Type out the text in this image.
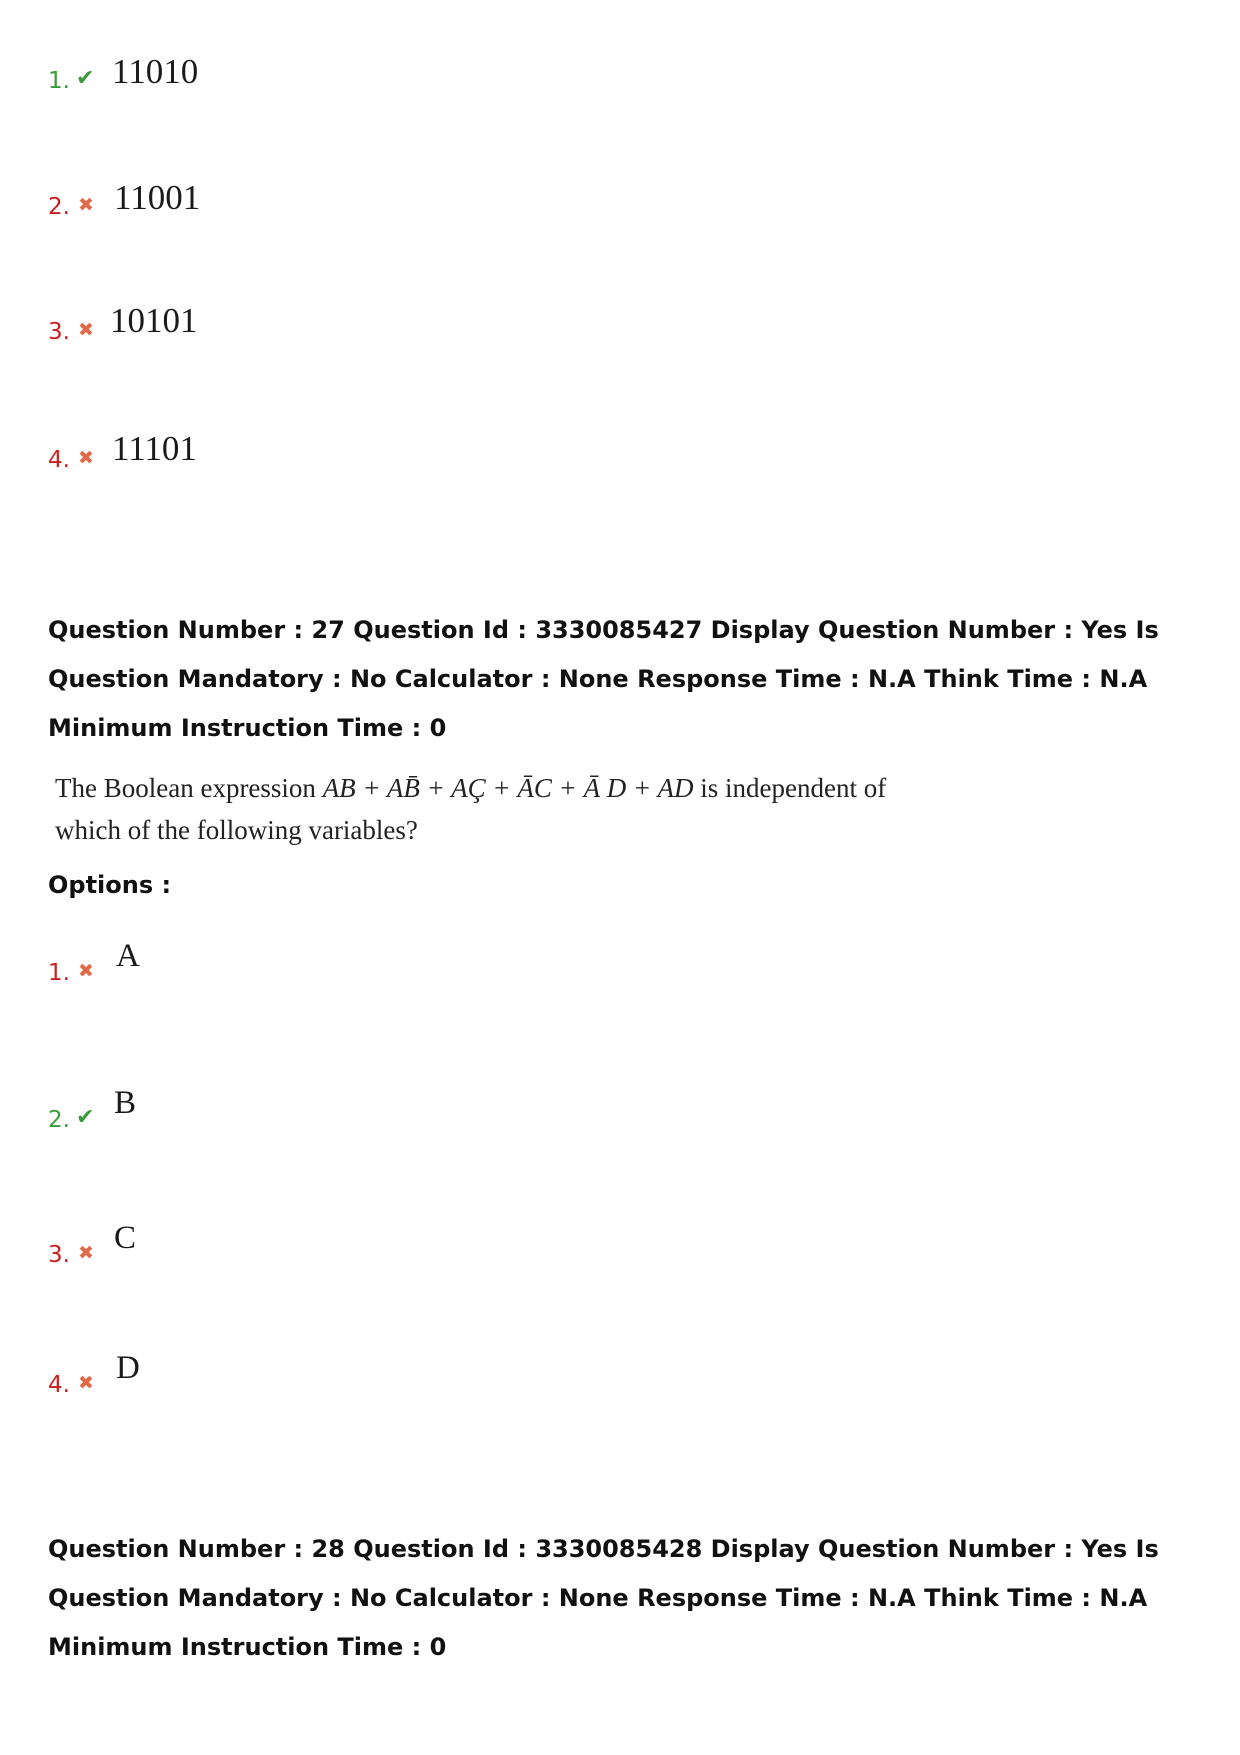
1. ✔ 11010
2. ✖ 11001
3. ✖ 10101
4. ✖ 11101
Question Number : 27 Question Id : 3330085427 Display Question Number : Yes Is Question Mandatory : No Calculator : None Response Time : N.A Think Time : N.A Minimum Instruction Time : 0
The Boolean expression AB + AB̄ + AÇ + ĀC + Ā D + AD is independent of which of the following variables?
Options :
1. ✖ A
2. ✔ B
3. ✖ C
4. ✖ D
Question Number : 28 Question Id : 3330085428 Display Question Number : Yes Is Question Mandatory : No Calculator : None Response Time : N.A Think Time : N.A Minimum Instruction Time : 0
